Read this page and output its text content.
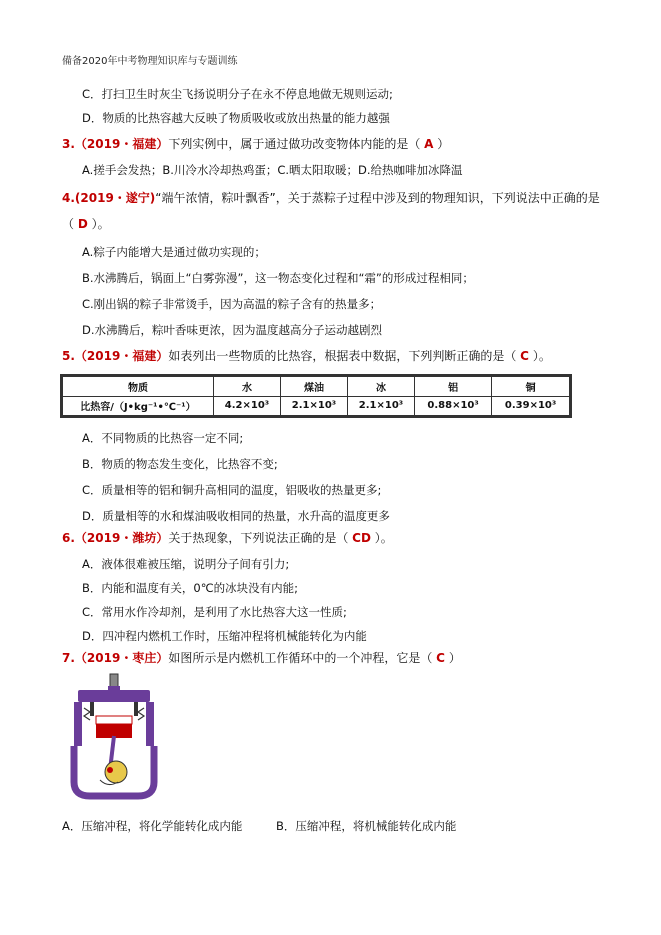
備备2020年中考物理知识库与专题训练
C．打扫卫生时灰尘飞扬说明分子在永不停息地做无规则运动;
D．物质的比热容越大反映了物质吸收或放出热量的能力越强
3.（2019・福建）下列实例中，属于通过做功改变物体内能的是（ A ）
A.搓手会发热；B.川冷水冷却热鸡蛋；C.晒太阳取暖；D.给热咖啡加冰降温
4.(2019・遂宁)“端午浓情，粽叶飘香”，关于蒸粽子过程中涉及到的物理知识，下列说法中正确的是
（ D ）。
A.粽子内能增大是通过做功实现的；
B.水沸腾后，锅面上“白雾弥漫”，这一物态变化过程和“霜”的形成过程相同；
C.刚出锅的粽子非常烫手，因为高温的粽子含有的热量多；
D.水沸腾后，粽叶香味更浓，因为温度越高分子运动越剧烈
5.（2019・福建）如表列出一些物质的比热容，根据表中数据，下列判断正确的是（ C ）。
物质	水	煤油	冰	铝	铜
比热容/（J•kg⁻¹•℃⁻¹）	4.2×10³	2.1×10³	2.1×10³	0.88×10³	0.39×10³
A．不同物质的比热容一定不同;
B．物质的物态发生变化，比热容不变;
C．质量相等的铝和铜升高相同的温度，铝吸收的热量更多;
D．质量相等的水和煤油吸收相同的热量，水升高的温度更多
6.（2019・潍坊）关于热现象，下列说法正确的是（ CD ）。
A．液体很难被压缩，说明分子间有引力;
B．内能和温度有关，0℃的冰块没有内能;
C．常用水作冷却剂，是利用了水比热容大这一性质;
D．四冲程内燃机工作时，压缩冲程将机械能转化为内能
7.（2019・枣庄）如图所示是内燃机工作循环中的一个冲程，它是（ C ）
A．压缩冲程，将化学能转化成内能	B．压缩冲程，将机械能转化成内能
